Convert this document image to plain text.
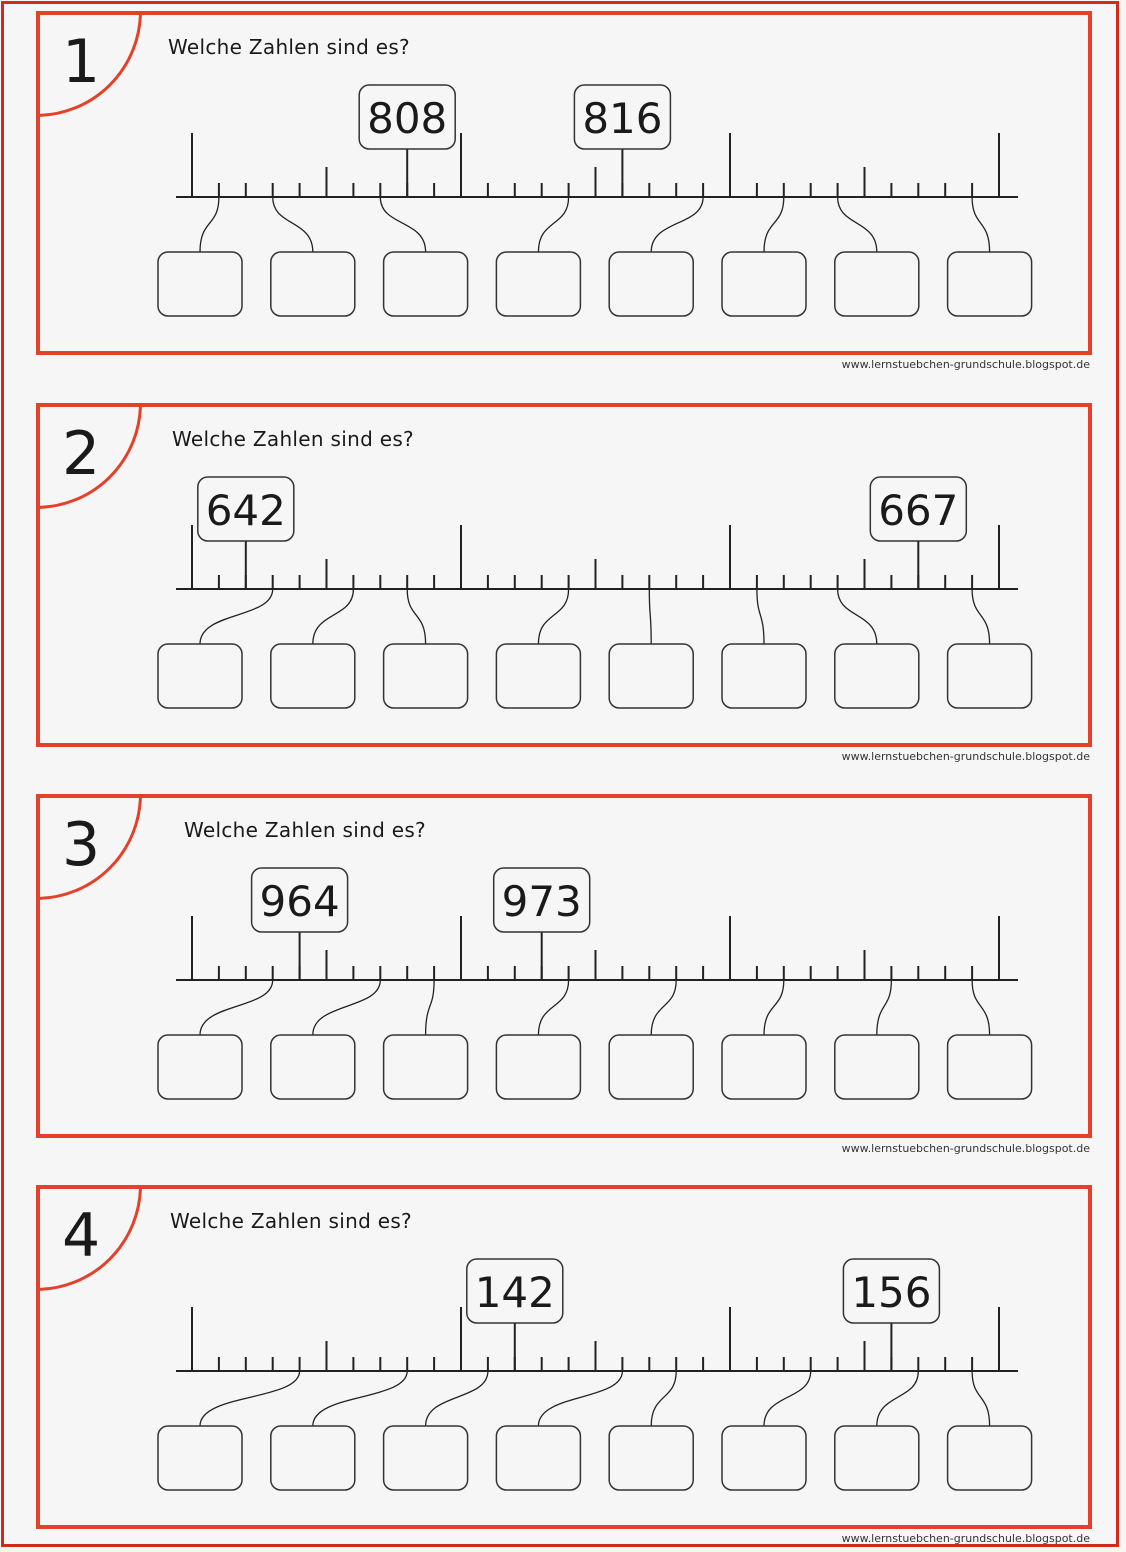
1	Welche Zahlen sind es?
808	816
www.lernstuebchen-grundschule.blogspot.de
2	Welche Zahlen sind es?
642	667
www.lernstuebchen-grundschule.blogspot.de
3	Welche Zahlen sind es?
964	973
www.lernstuebchen-grundschule.blogspot.de
4	Welche Zahlen sind es?
142	156
www.lernstuebchen-grundschule.blogspot.de
